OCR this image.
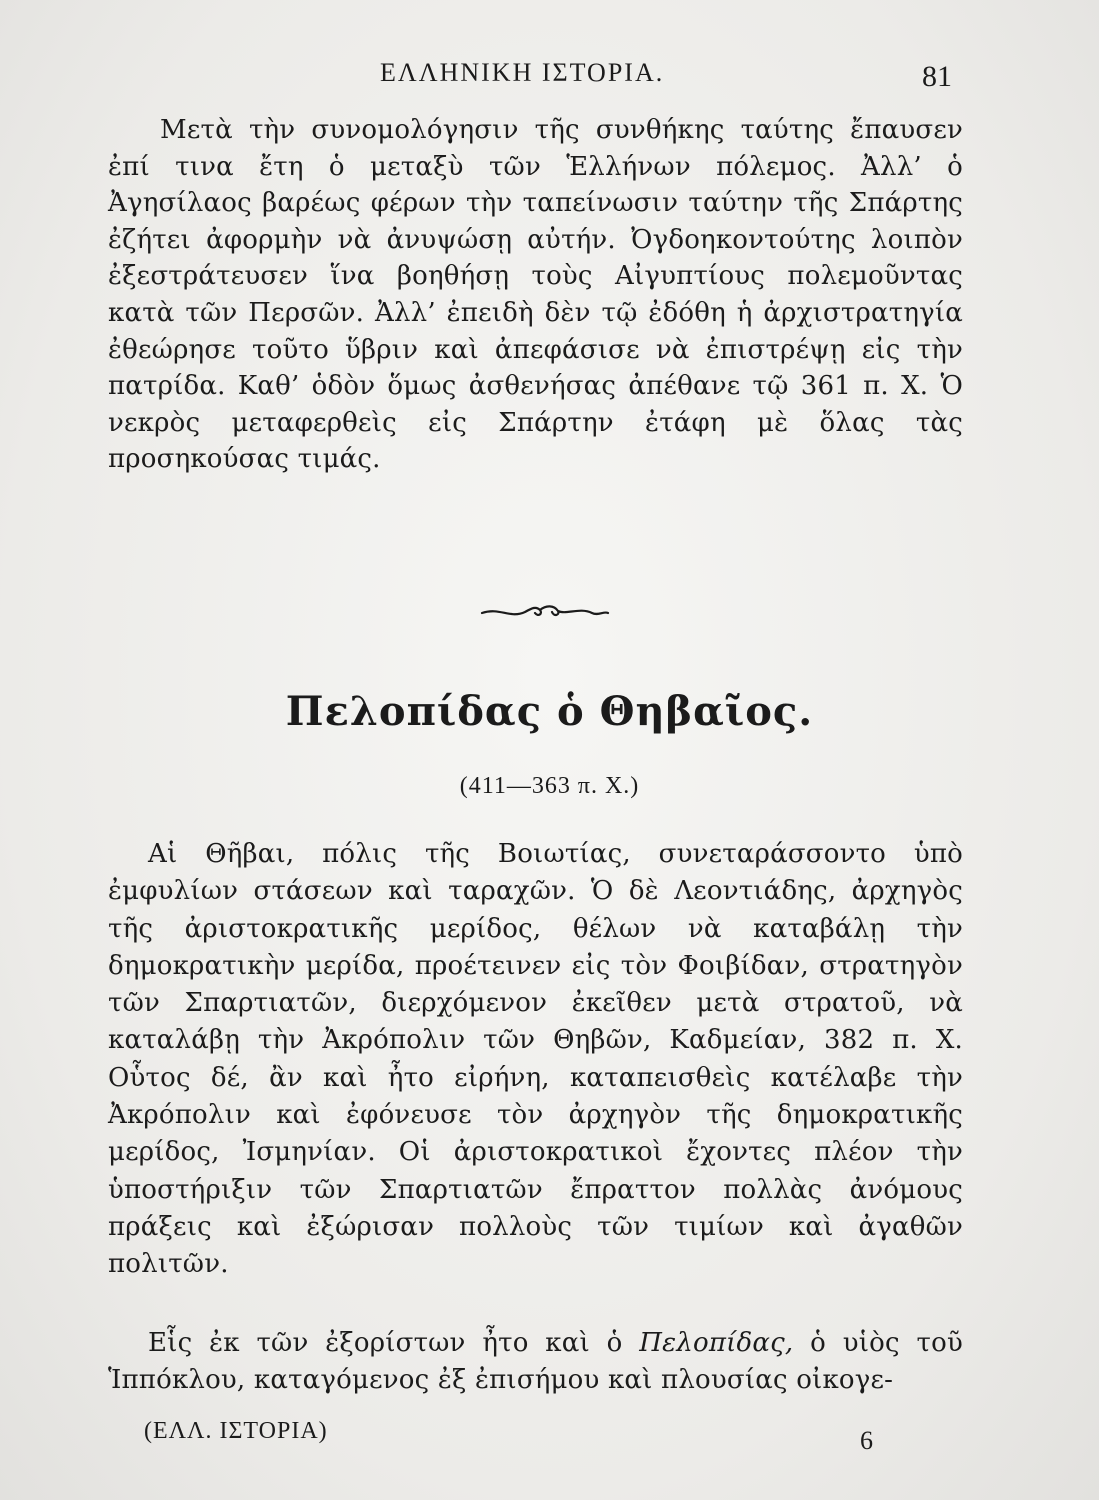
ΕΛΛΗΝΙΚΗ ΙΣΤΟΡΙΑ.	81
Μετὰ τὴν συνομολόγησιν τῆς συνθήκης ταύτης ἔπαυσεν ἐπί τινα ἔτη ὁ μεταξὺ τῶν Ἑλλήνων πόλεμος. Ἀλλ’ ὁ Ἀγησίλαος βαρέως φέρων τὴν ταπείνωσιν ταύτην τῆς Σπάρτης ἐζήτει ἀφορμὴν νὰ ἀνυψώσῃ αὐτήν. Ὀγδοηκοντούτης λοιπὸν ἐξεστράτευσεν ἵνα βοηθήσῃ τοὺς Αἰγυπτίους πολεμοῦντας κατὰ τῶν Περσῶν. Ἀλλ’ ἐπειδὴ δὲν τῷ ἐδόθη ἡ ἀρχιστρατηγία ἐθεώρησε τοῦτο ὕβριν καὶ ἀπεφάσισε νὰ ἐπιστρέψῃ εἰς τὴν πατρίδα. Καθ’ ὁδὸν ὅμως ἀσθενήσας ἀπέθανε τῷ 361 π. Χ. Ὁ νεκρὸς μεταφερθεὶς εἰς Σπάρτην ἐτάφη μὲ ὅλας τὰς προσηκούσας τιμάς.
Πελοπίδας ὁ Θηβαῖος.
(411—363 π. Χ.)
Αἱ Θῆβαι, πόλις τῆς Βοιωτίας, συνεταράσσοντο ὑπὸ ἐμφυλίων στάσεων καὶ ταραχῶν. Ὁ δὲ Λεοντιάδης, ἀρχηγὸς τῆς ἀριστοκρατικῆς μερίδος, θέλων νὰ καταβάλῃ τὴν δημοκρατικὴν μερίδα, προέτεινεν εἰς τὸν Φοιβίδαν, στρατηγὸν τῶν Σπαρτιατῶν, διερχόμενον ἐκεῖθεν μετὰ στρατοῦ, νὰ καταλάβῃ τὴν Ἀκρόπολιν τῶν Θηβῶν, Καδμείαν, 382 π. Χ. Οὗτος δέ, ἂν καὶ ἦτο εἰρήνη, καταπεισθεὶς κατέλαβε τὴν Ἀκρόπολιν καὶ ἐφόνευσε τὸν ἀρχηγὸν τῆς δημοκρατικῆς μερίδος, Ἰσμηνίαν. Οἱ ἀριστοκρατικοὶ ἔχοντες πλέον τὴν ὑποστήριξιν τῶν Σπαρτιατῶν ἔπραττον πολλὰς ἀνόμους πράξεις καὶ ἐξώρισαν πολλοὺς τῶν τιμίων καὶ ἀγαθῶν πολιτῶν.
Εἷς ἐκ τῶν ἐξορίστων ἦτο καὶ ὁ Πελοπίδας, ὁ υἱὸς τοῦ Ἱππόκλου, καταγόμενος ἐξ ἐπισήμου καὶ πλουσίας οἰκογε-
(ΕΛΛ. ΙΣΤΟΡΙΑ)	6
